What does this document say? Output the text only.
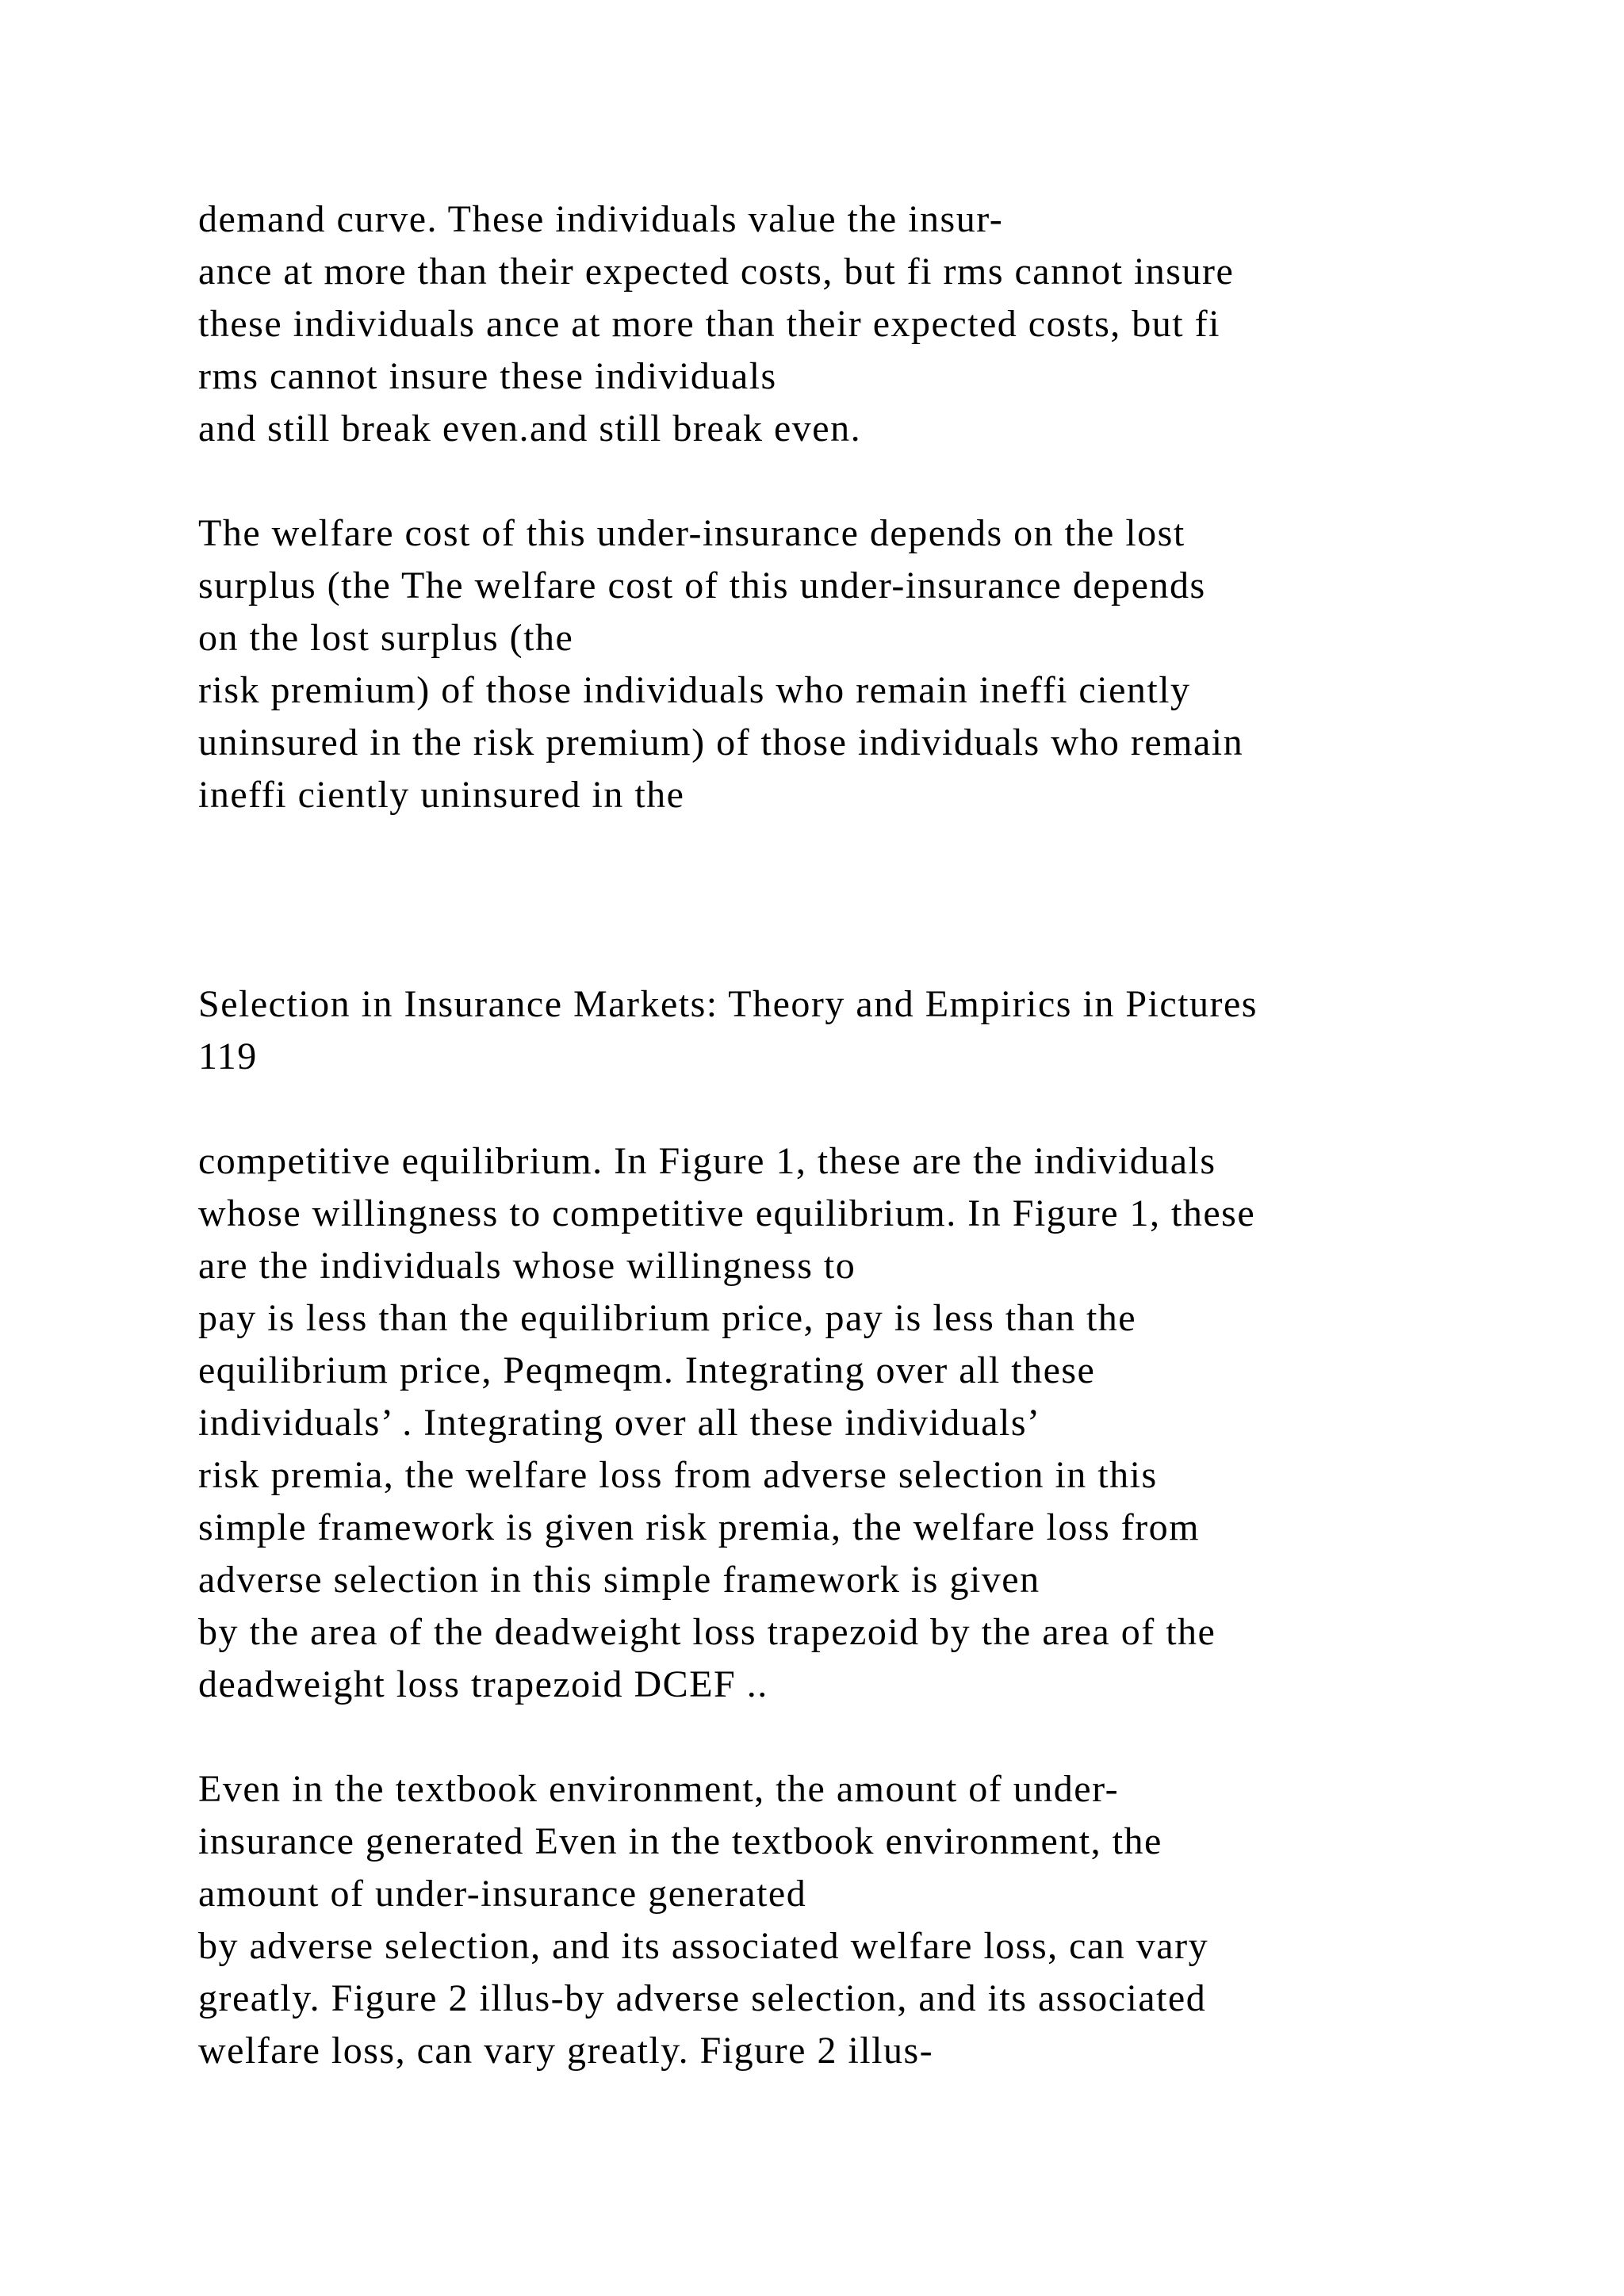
demand curve. These individuals value the insur-
ance at more than their expected costs, but fi rms cannot insure
these individuals ance at more than their expected costs, but fi
rms cannot insure these individuals
and still break even.and still break even.
The welfare cost of this under-insurance depends on the lost
surplus (the The welfare cost of this under-insurance depends
on the lost surplus (the
risk premium) of those individuals who remain ineffi ciently
uninsured in the risk premium) of those individuals who remain
ineffi ciently uninsured in the
Selection in Insurance Markets: Theory and Empirics in Pictures
119
competitive equilibrium. In Figure 1, these are the individuals
whose willingness to competitive equilibrium. In Figure 1, these
are the individuals whose willingness to
pay is less than the equilibrium price, pay is less than the
equilibrium price, Peqmeqm. Integrating over all these
individuals’ . Integrating over all these individuals’
risk premia, the welfare loss from adverse selection in this
simple framework is given risk premia, the welfare loss from
adverse selection in this simple framework is given
by the area of the deadweight loss trapezoid by the area of the
deadweight loss trapezoid DCEF ..
Even in the textbook environment, the amount of under-
insurance generated Even in the textbook environment, the
amount of under-insurance generated
by adverse selection, and its associated welfare loss, can vary
greatly. Figure 2 illus-by adverse selection, and its associated
welfare loss, can vary greatly. Figure 2 illus-
